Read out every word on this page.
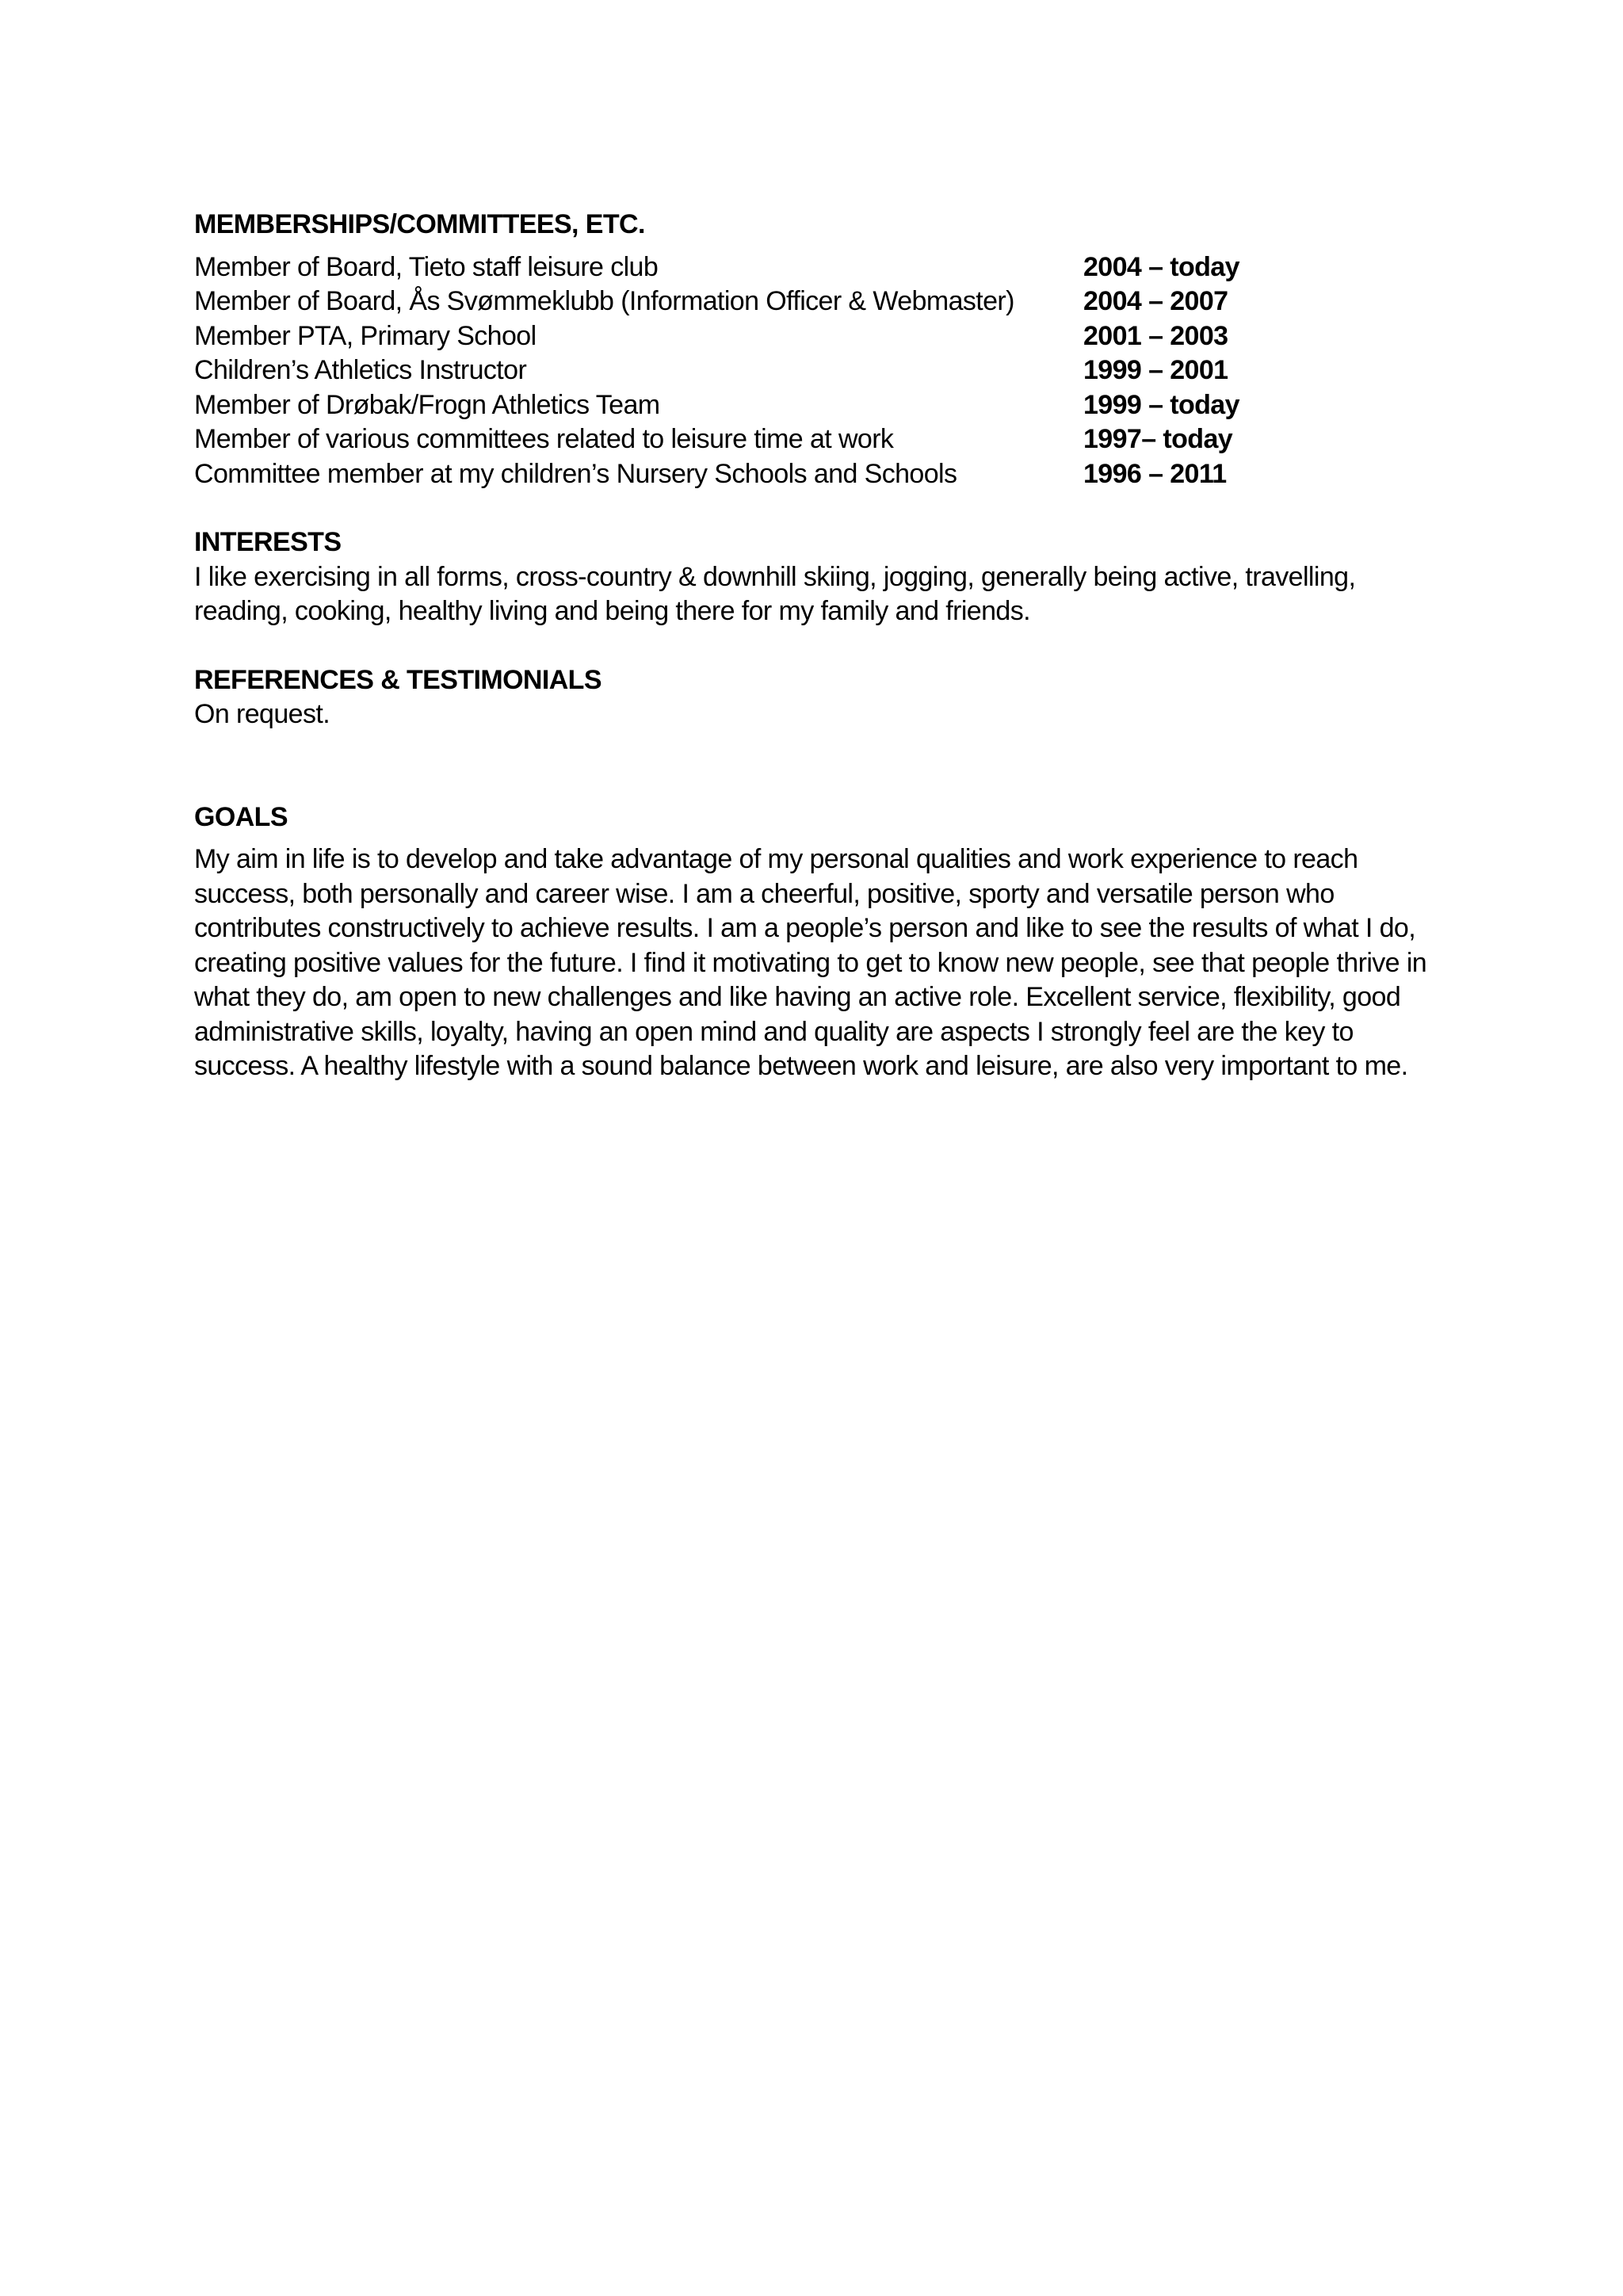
MEMBERSHIPS/COMMITTEES, ETC.
Member of Board, Tieto staff leisure club	2004 – today
Member of Board, Ås Svømmeklubb (Information Officer & Webmaster)	2004 – 2007
Member PTA, Primary School	2001 – 2003
Children’s Athletics Instructor	1999 – 2001
Member of Drøbak/Frogn Athletics Team	1999 – today
Member of various committees related to leisure time at work	1997– today
Committee member at my children’s Nursery Schools and Schools	1996 – 2011
INTERESTS

I like exercising in all forms, cross-country & downhill skiing, jogging, generally being active, travelling, reading, cooking, healthy living and being there for my family and friends.

REFERENCES & TESTIMONIALS

On request.

GOALS

My aim in life is to develop and take advantage of my personal qualities and work experience to reach success, both personally and career wise. I am a cheerful, positive, sporty and versatile person who contributes constructively to achieve results. I am a people’s person and like to see the results of what I do, creating positive values for the future. I find it motivating to get to know new people, see that people thrive in what they do, am open to new challenges and like having an active role. Excellent service, flexibility, good administrative skills, loyalty, having an open mind and quality are aspects I strongly feel are the key to success. A healthy lifestyle with a sound balance between work and leisure, are also very important to me.
